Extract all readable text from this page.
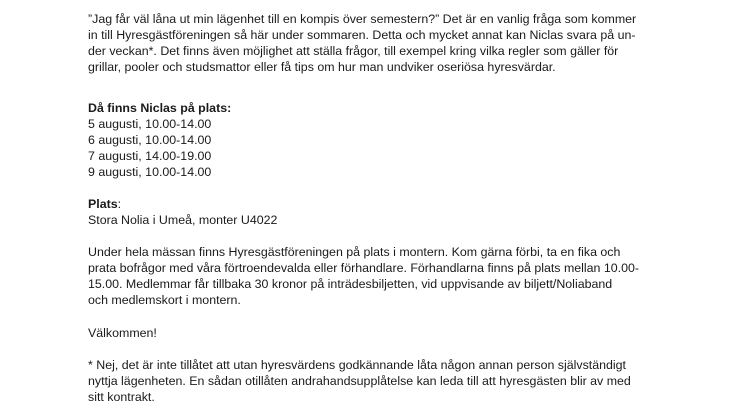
”Jag får väl låna ut min lägenhet till en kompis över semestern?” Det är en vanlig fråga som kommer
in till Hyresgästföreningen så här under sommaren. Detta och mycket annat kan Niclas svara på un-
der veckan*. Det finns även möjlighet att ställa frågor, till exempel kring vilka regler som gäller för
grillar, pooler och studsmattor eller få tips om hur man undviker oseriösa hyresvärdar.

Då finns Niclas på plats:
5 augusti, 10.00-14.00
6 augusti, 10.00-14.00
7 augusti, 14.00-19.00
9 augusti, 10.00-14.00
Plats:
Stora Nolia i Umeå, monter U4022

Under hela mässan finns Hyresgästföreningen på plats i montern. Kom gärna förbi, ta en fika och
prata bofrågor med våra förtroendevalda eller förhandlare. Förhandlarna finns på plats mellan 10.00-
15.00. Medlemmar får tillbaka 30 kronor på inträdesbiljetten, vid uppvisande av biljett/Noliaband
och medlemskort i montern.

Välkommen!

* Nej, det är inte tillåtet att utan hyresvärdens godkännande låta någon annan person självständigt
nyttja lägenheten. En sådan otillåten andrahandsupplåtelse kan leda till att hyresgästen blir av med
sitt kontrakt.
